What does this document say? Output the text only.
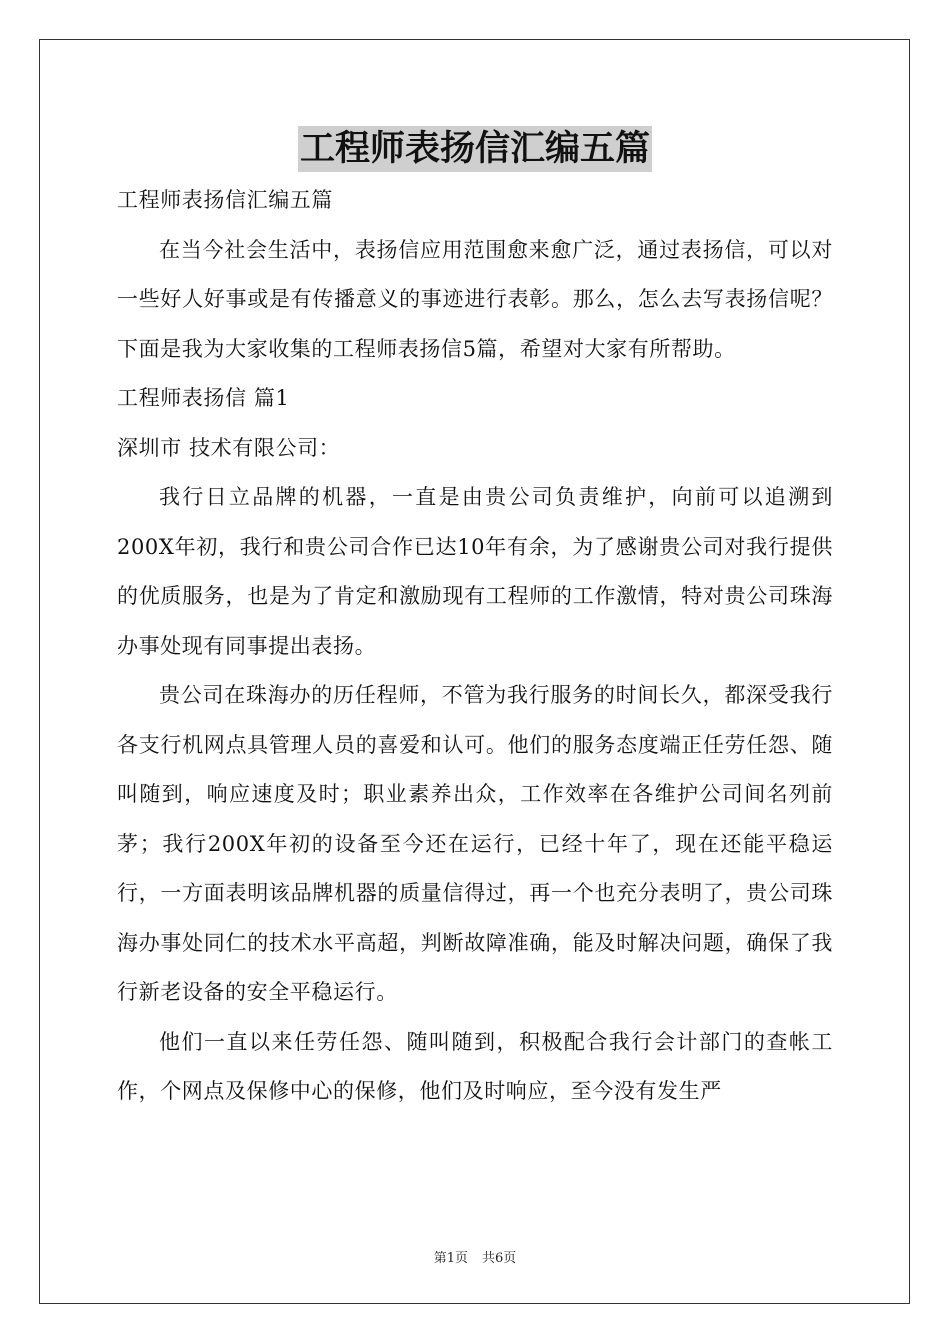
工程师表扬信汇编五篇

工程师表扬信汇编五篇

在当今社会生活中，表扬信应用范围愈来愈广泛，通过表扬信，可以对一些好人好事或是有传播意义的事迹进行表彰。那么，怎么去写表扬信呢？下面是我为大家收集的工程师表扬信5篇，希望对大家有所帮助。

工程师表扬信 篇1

深圳市 技术有限公司：

我行日立品牌的机器，一直是由贵公司负责维护，向前可以追溯到200X年初，我行和贵公司合作已达10年有余，为了感谢贵公司对我行提供的优质服务，也是为了肯定和激励现有工程师的工作激情，特对贵公司珠海办事处现有同事提出表扬。

贵公司在珠海办的历任程师，不管为我行服务的时间长久，都深受我行各支行机网点具管理人员的喜爱和认可。他们的服务态度端正任劳任怨、随叫随到，响应速度及时；职业素养出众，工作效率在各维护公司间名列前茅；我行200X年初的设备至今还在运行，已经十年了，现在还能平稳运行，一方面表明该品牌机器的质量信得过，再一个也充分表明了，贵公司珠海办事处同仁的技术水平高超，判断故障准确，能及时解决问题，确保了我行新老设备的安全平稳运行。

他们一直以来任劳任怨、随叫随到，积极配合我行会计部门的查帐工作，个网点及保修中心的保修，他们及时响应，至今没有发生严

第1页 共6页
